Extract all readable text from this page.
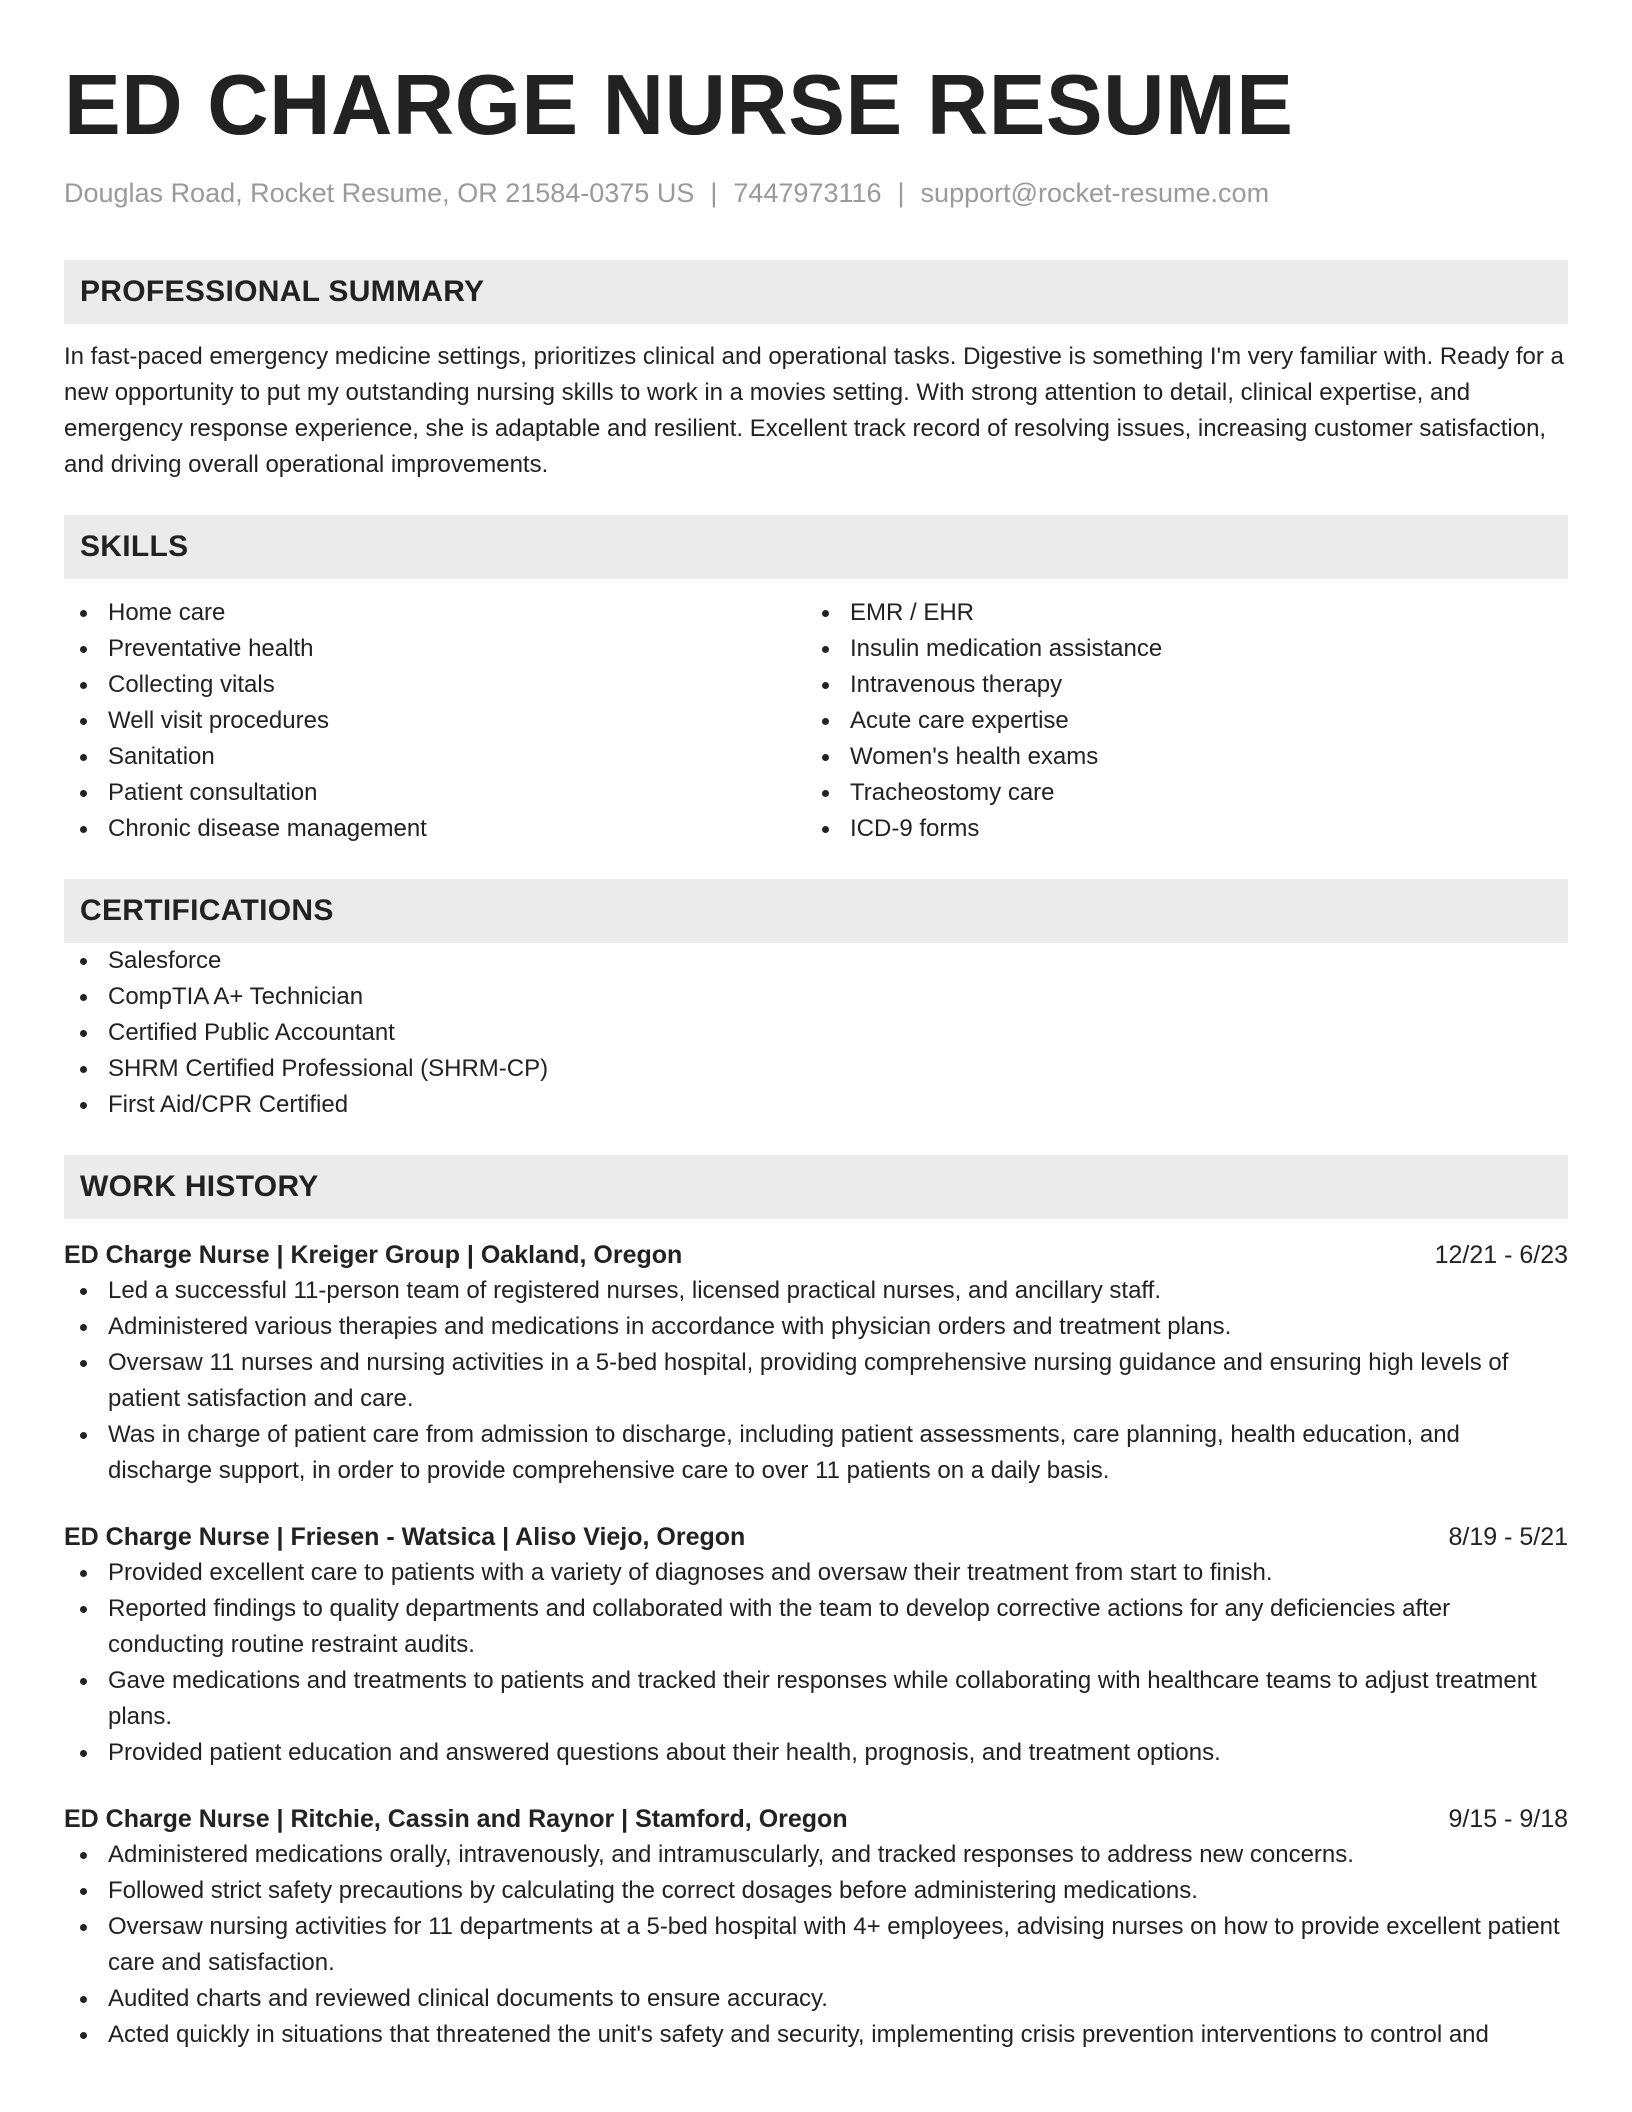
ED CHARGE NURSE RESUME
Douglas Road, Rocket Resume, OR 21584-0375 US | 7447973116 | support@rocket-resume.com
PROFESSIONAL SUMMARY

In fast-paced emergency medicine settings, prioritizes clinical and operational tasks. Digestive is something I'm very familiar with. Ready for a new opportunity to put my outstanding nursing skills to work in a movies setting. With strong attention to detail, clinical expertise, and emergency response experience, she is adaptable and resilient. Excellent track record of resolving issues, increasing customer satisfaction, and driving overall operational improvements.

SKILLS
Home care
Preventative health
Collecting vitals
Well visit procedures
Sanitation
Patient consultation
Chronic disease management
EMR / EHR
Insulin medication assistance
Intravenous therapy
Acute care expertise
Women's health exams
Tracheostomy care
ICD-9 forms
CERTIFICATIONS
Salesforce
CompTIA A+ Technician
Certified Public Accountant
SHRM Certified Professional (SHRM-CP)
First Aid/CPR Certified
WORK HISTORY
ED Charge Nurse | Kreiger Group | Oakland, Oregon	12/21 - 6/23
Led a successful 11-person team of registered nurses, licensed practical nurses, and ancillary staff.
Administered various therapies and medications in accordance with physician orders and treatment plans.
Oversaw 11 nurses and nursing activities in a 5-bed hospital, providing comprehensive nursing guidance and ensuring high levels of patient satisfaction and care.
Was in charge of patient care from admission to discharge, including patient assessments, care planning, health education, and discharge support, in order to provide comprehensive care to over 11 patients on a daily basis.
ED Charge Nurse | Friesen - Watsica | Aliso Viejo, Oregon	8/19 - 5/21
Provided excellent care to patients with a variety of diagnoses and oversaw their treatment from start to finish.
Reported findings to quality departments and collaborated with the team to develop corrective actions for any deficiencies after conducting routine restraint audits.
Gave medications and treatments to patients and tracked their responses while collaborating with healthcare teams to adjust treatment plans.
Provided patient education and answered questions about their health, prognosis, and treatment options.
ED Charge Nurse | Ritchie, Cassin and Raynor | Stamford, Oregon	9/15 - 9/18
Administered medications orally, intravenously, and intramuscularly, and tracked responses to address new concerns.
Followed strict safety precautions by calculating the correct dosages before administering medications.
Oversaw nursing activities for 11 departments at a 5-bed hospital with 4+ employees, advising nurses on how to provide excellent patient care and satisfaction.
Audited charts and reviewed clinical documents to ensure accuracy.
Acted quickly in situations that threatened the unit's safety and security, implementing crisis prevention interventions to control and
